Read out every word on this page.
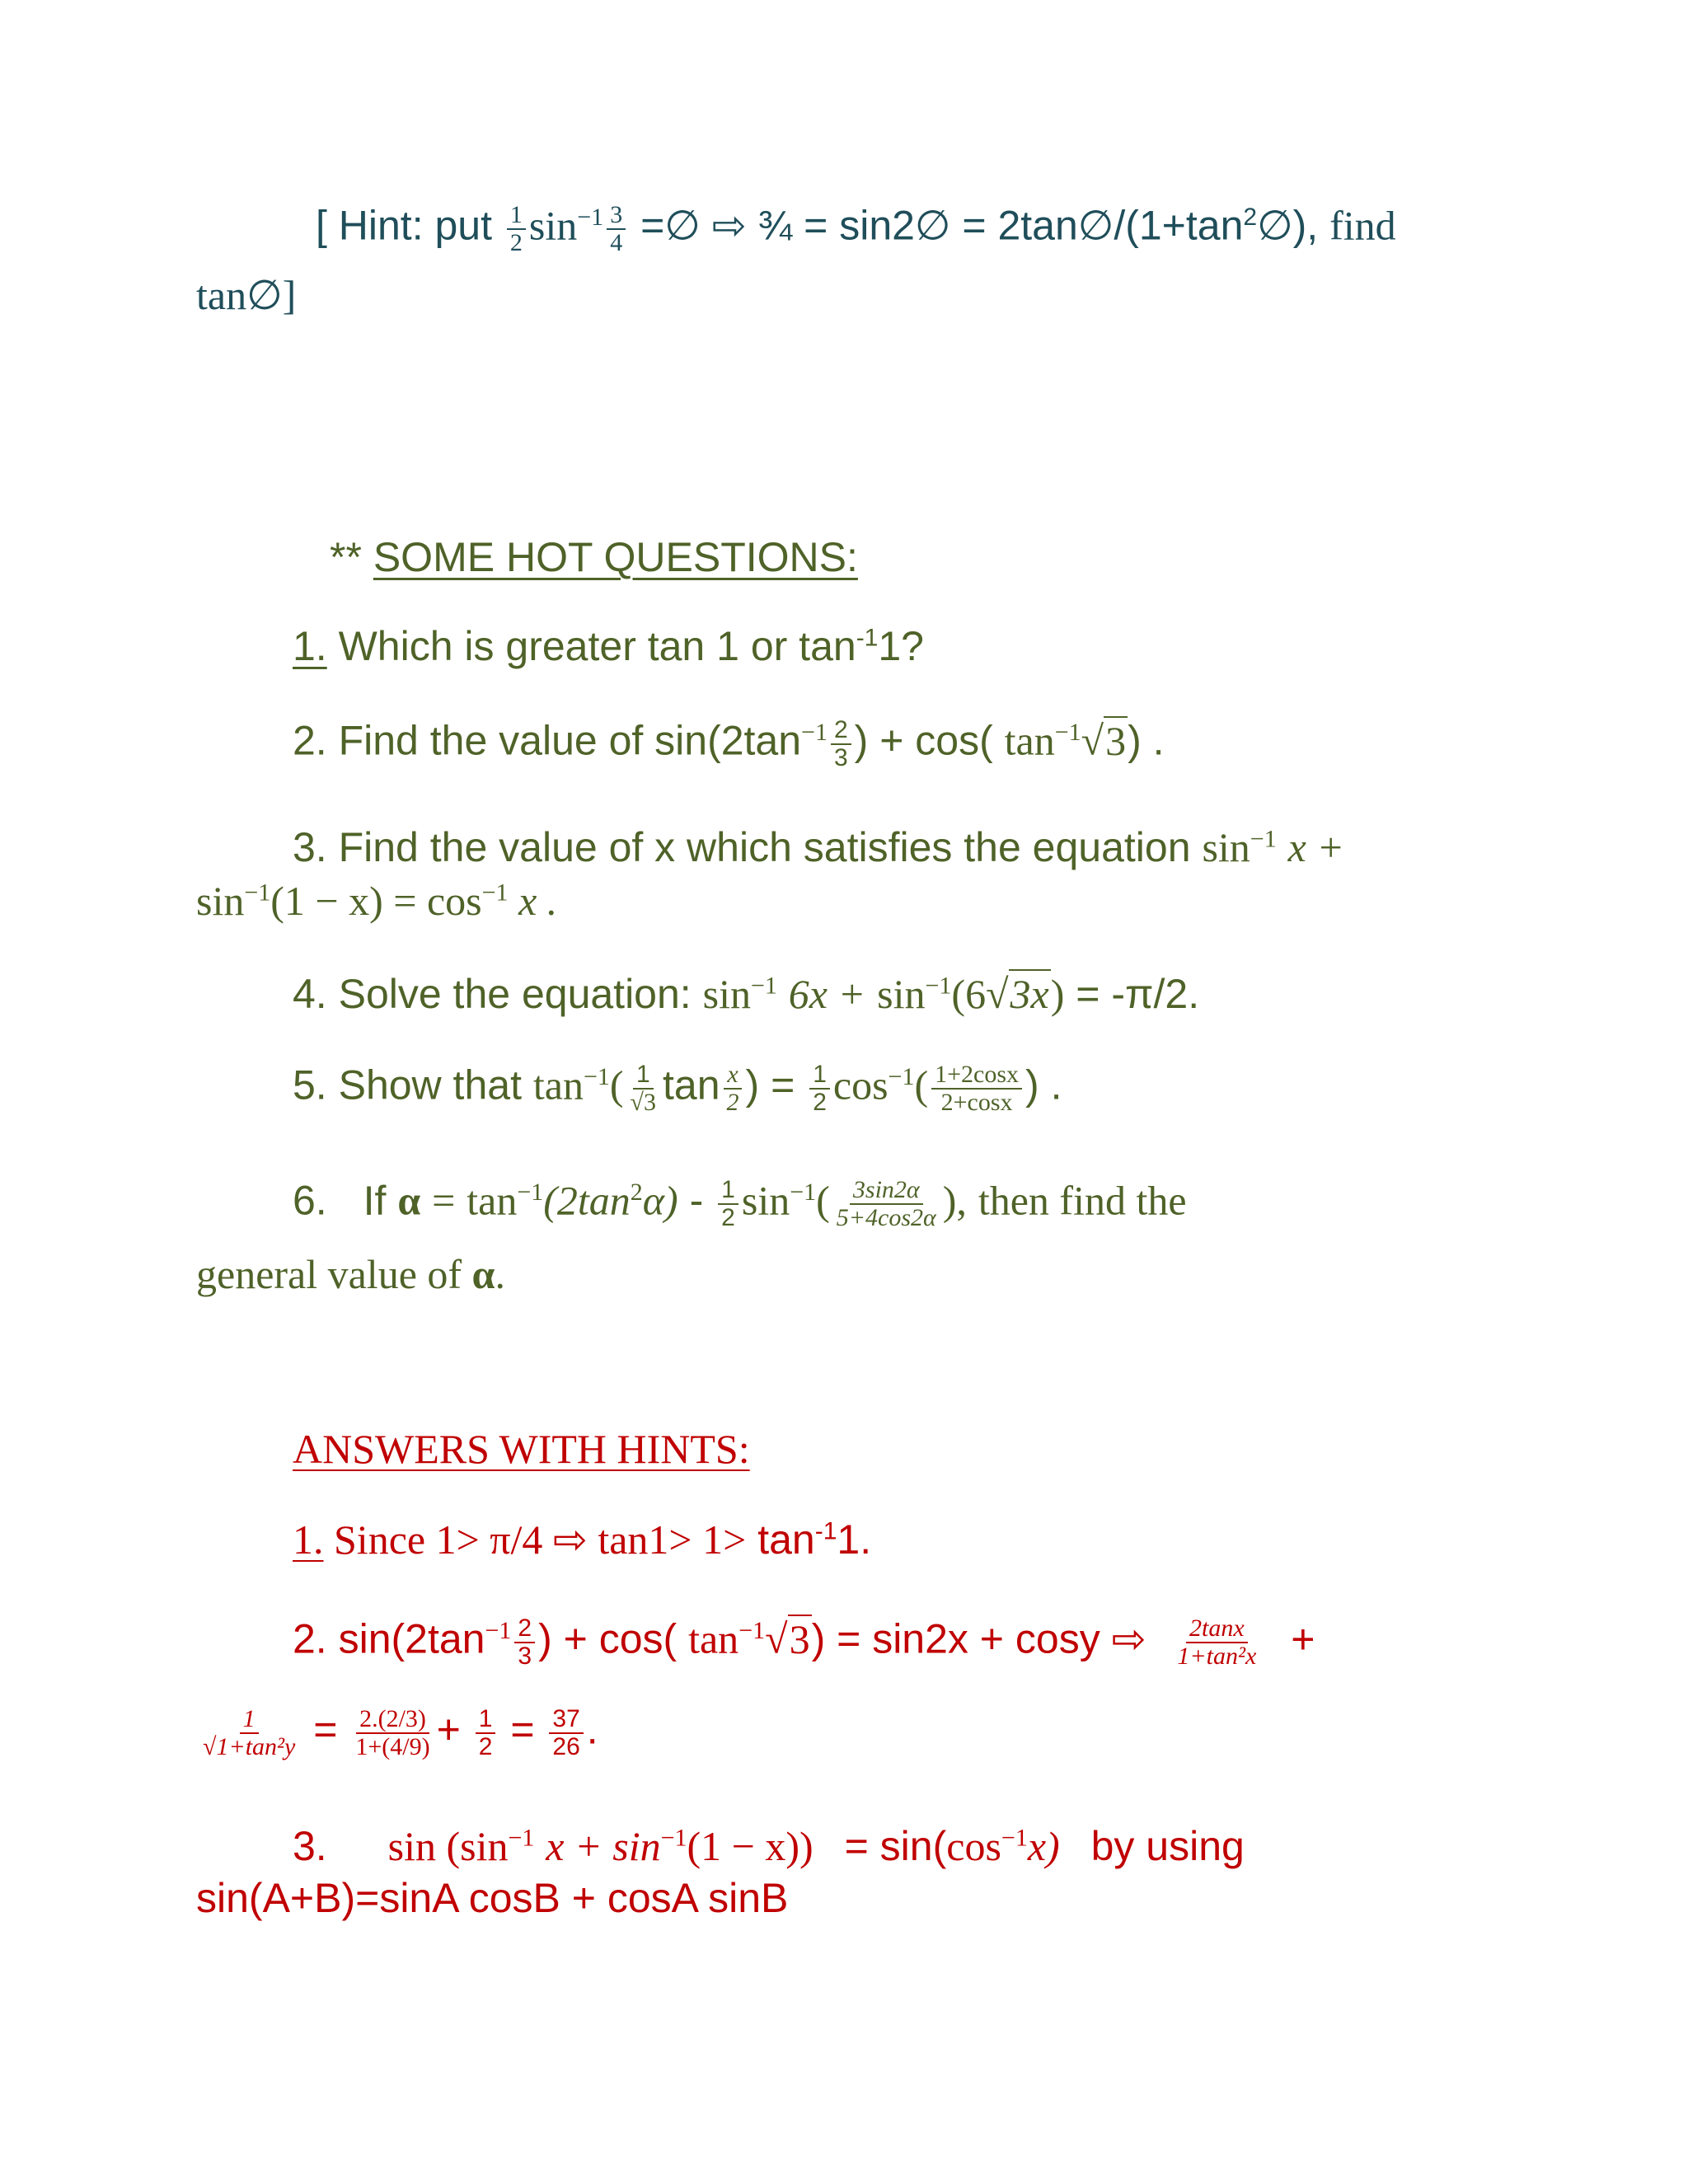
[ Hint: put $\frac{1}{2} \sin^{-1} \frac{3}{4}$ =∅ ⇨ ¾ = sin2∅ = $2\tan\emptyset/(1+\tan^2\emptyset)$, find
tan∅]
** SOME HOT QUESTIONS:
1. Which is greater tan 1 or $\tan^{-1}1$?
2. Find the value of $\sin(2\tan^{-1} \frac{2}{3}$ ) + cos( $\tan^{-1}√3$) .
3. Find the value of x which satisfies the equation $\sin^{-1} x$ +
$\sin^{-1}(1 - x) = \cos^{-1} x$ .
4. Solve the equation: $\sin^{-1} 6x + \sin^{-1}(6√3x) = -\pi/2$.
5. Show that $\tan^{-1}( \frac{1}{√3}$ $\tan \frac{x}{2}$ ) = $\frac{1}{2} \cos^{-1}( \frac{1+2\cos x}{2+\cos x}$ ) .
6. If $\alpha = \tan^{-1}(2\tan^2\alpha) - \frac{1}{2} \sin^{-1}( \frac{3\sin 2\alpha}{5+4\cos 2\alpha}$ ), then find the
general value of α.
ANSWERS WITH HINTS:
1. Since 1> π/4 ⇨ $\tan 1> 1> \tan^{-1}1$.
2. $\sin(2\tan^{-1} \frac{2}{3}$ ) + cos( $\tan^{-1}√3) = \sin 2x + \cos y$ ⇨ $\frac{2\tan x}{\text{1+tan²x}}$ +
$\frac{1}{\text{√1+tan²y}} = \frac{2.(2/3)}{1+(4/9)} + \frac{1}{2} = \frac{37}{26}$ .
3. $\sin (\sin^{-1}$ $x + \sin^{-1}(1 - x)) = \sin(\cos^{-1}x)$ by using
sin(A+B)=sinA cosB + cosA sinB
